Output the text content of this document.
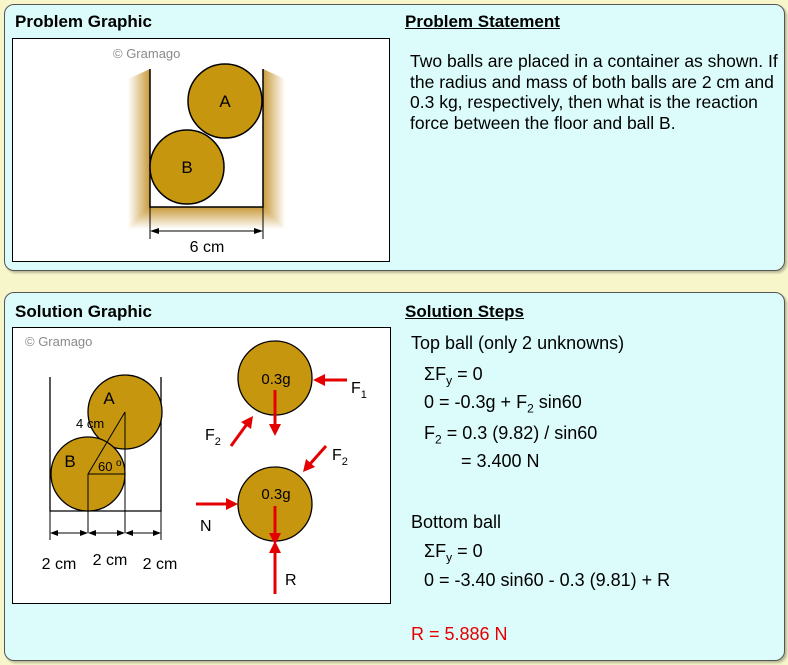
Problem Graphic	Problem Statement
A
B
6 cm
© Gramago	Two balls are placed in a container as shown. If the radius and mass of both balls are 2 cm and 0.3 kg, respectively, then what is the reaction force between the floor and ball B.
Solution Graphic	Solution Steps
A
B
4 cm
60 o
2 cm 2 cm 2 cm
0.3g
$F_1$
$F_2$
0.3g
$F_2$
N
R
© Gramago	Top ball (only 2 unknowns)
$\Sigma F_y = 0$
$0 = -0.3g + F_2$ sin60
$F_2 = 0.3$ (9.82) / sin60
= 3.400 N
Bottom ball
$\Sigma F_y = 0$
0 = -3.40 sin60 - 0.3 (9.81) + R
R = 5.886 N
